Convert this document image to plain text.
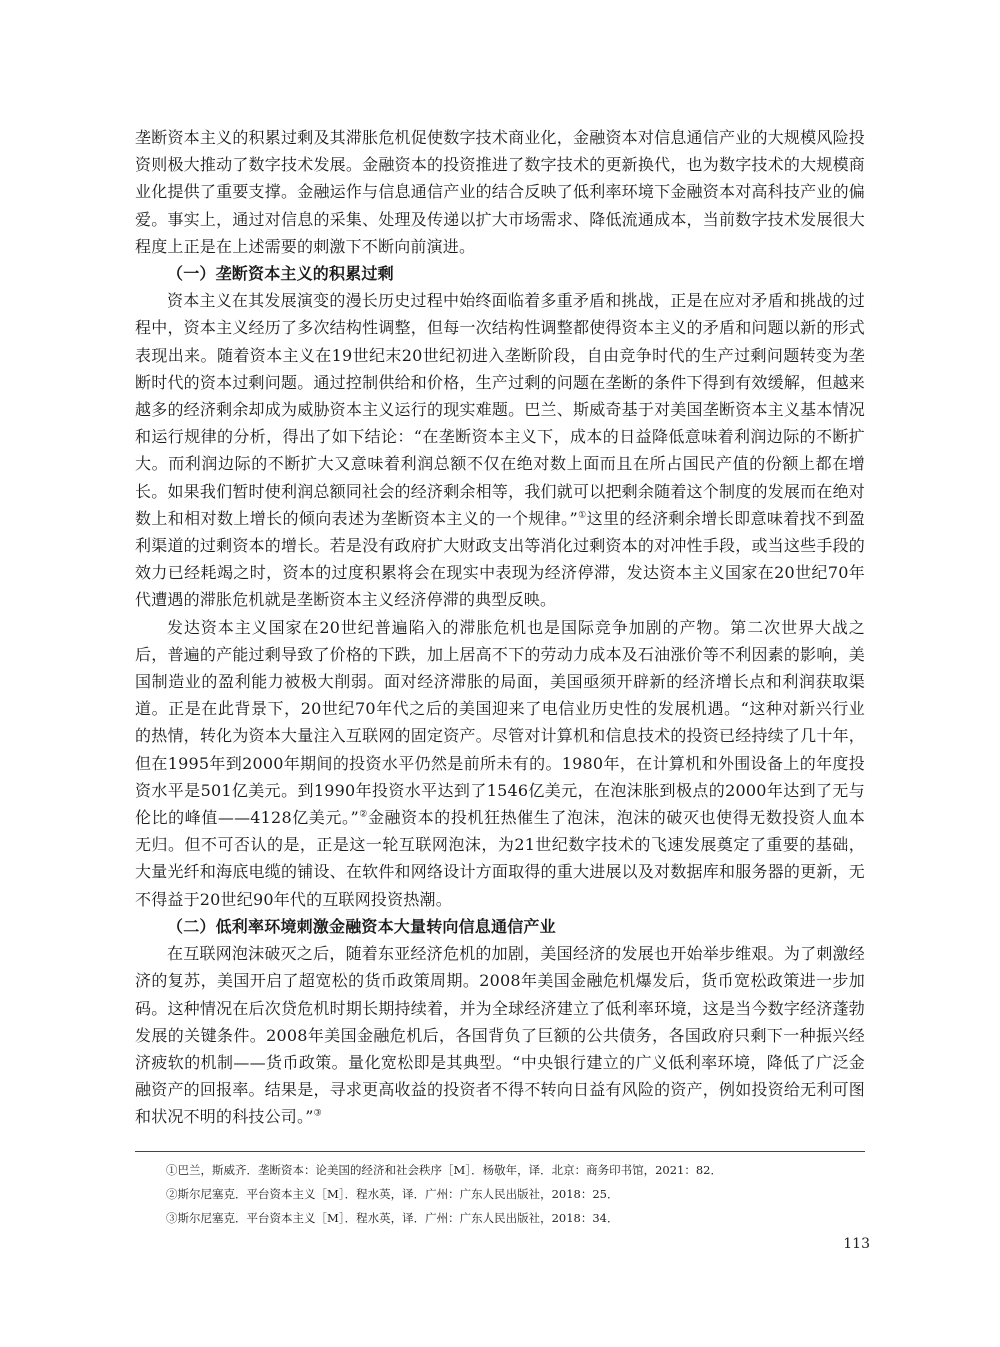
垄断资本主义的积累过剩及其滞胀危机促使数字技术商业化，金融资本对信息通信产业的大规模风险投资则极大推动了数字技术发展。金融资本的投资推进了数字技术的更新换代，也为数字技术的大规模商业化提供了重要支撑。金融运作与信息通信产业的结合反映了低利率环境下金融资本对高科技产业的偏爱。事实上，通过对信息的采集、处理及传递以扩大市场需求、降低流通成本，当前数字技术发展很大程度上正是在上述需要的刺激下不断向前演进。

（一）垄断资本主义的积累过剩

资本主义在其发展演变的漫长历史过程中始终面临着多重矛盾和挑战，正是在应对矛盾和挑战的过程中，资本主义经历了多次结构性调整，但每一次结构性调整都使得资本主义的矛盾和问题以新的形式表现出来。随着资本主义在19世纪末20世纪初进入垄断阶段，自由竞争时代的生产过剩问题转变为垄断时代的资本过剩问题。通过控制供给和价格，生产过剩的问题在垄断的条件下得到有效缓解，但越来越多的经济剩余却成为威胁资本主义运行的现实难题。巴兰、斯威奇基于对美国垄断资本主义基本情况和运行规律的分析，得出了如下结论：“在垄断资本主义下，成本的日益降低意味着利润边际的不断扩大。而利润边际的不断扩大又意味着利润总额不仅在绝对数上面而且在所占国民产值的份额上都在增长。如果我们暂时使利润总额同社会的经济剩余相等，我们就可以把剩余随着这个制度的发展而在绝对数上和相对数上增长的倾向表述为垄断资本主义的一个规律。”①这里的经济剩余增长即意味着找不到盈利渠道的过剩资本的增长。若是没有政府扩大财政支出等消化过剩资本的对冲性手段，或当这些手段的效力已经耗竭之时，资本的过度积累将会在现实中表现为经济停滞，发达资本主义国家在20世纪70年代遭遇的滞胀危机就是垄断资本主义经济停滞的典型反映。

发达资本主义国家在20世纪普遍陷入的滞胀危机也是国际竞争加剧的产物。第二次世界大战之后，普遍的产能过剩导致了价格的下跌，加上居高不下的劳动力成本及石油涨价等不利因素的影响，美国制造业的盈利能力被极大削弱。面对经济滞胀的局面，美国亟须开辟新的经济增长点和利润获取渠道。正是在此背景下，20世纪70年代之后的美国迎来了电信业历史性的发展机遇。“这种对新兴行业的热情，转化为资本大量注入互联网的固定资产。尽管对计算机和信息技术的投资已经持续了几十年，但在1995年到2000年期间的投资水平仍然是前所未有的。1980年，在计算机和外围设备上的年度投资水平是501亿美元。到1990年投资水平达到了1546亿美元，在泡沫胀到极点的2000年达到了无与伦比的峰值——4128亿美元。”②金融资本的投机狂热催生了泡沫，泡沫的破灭也使得无数投资人血本无归。但不可否认的是，正是这一轮互联网泡沫，为21世纪数字技术的飞速发展奠定了重要的基础，大量光纤和海底电缆的铺设、在软件和网络设计方面取得的重大进展以及对数据库和服务器的更新，无不得益于20世纪90年代的互联网投资热潮。

（二）低利率环境刺激金融资本大量转向信息通信产业

在互联网泡沫破灭之后，随着东亚经济危机的加剧，美国经济的发展也开始举步维艰。为了刺激经济的复苏，美国开启了超宽松的货币政策周期。2008年美国金融危机爆发后，货币宽松政策进一步加码。这种情况在后次贷危机时期长期持续着，并为全球经济建立了低利率环境，这是当今数字经济蓬勃发展的关键条件。2008年美国金融危机后，各国背负了巨额的公共债务，各国政府只剩下一种振兴经济疲软的机制——货币政策。量化宽松即是其典型。“中央银行建立的广义低利率环境，降低了广泛金融资产的回报率。结果是，寻求更高收益的投资者不得不转向日益有风险的资产，例如投资给无利可图和状况不明的科技公司。”③

①巴兰，斯威齐．垄断资本：论美国的经济和社会秩序［M］．杨敬年，译．北京：商务印书馆，2021：82．

②斯尔尼塞克．平台资本主义［M］．程水英，译．广州：广东人民出版社，2018：25．

③斯尔尼塞克．平台资本主义［M］．程水英，译．广州：广东人民出版社，2018：34．

113
